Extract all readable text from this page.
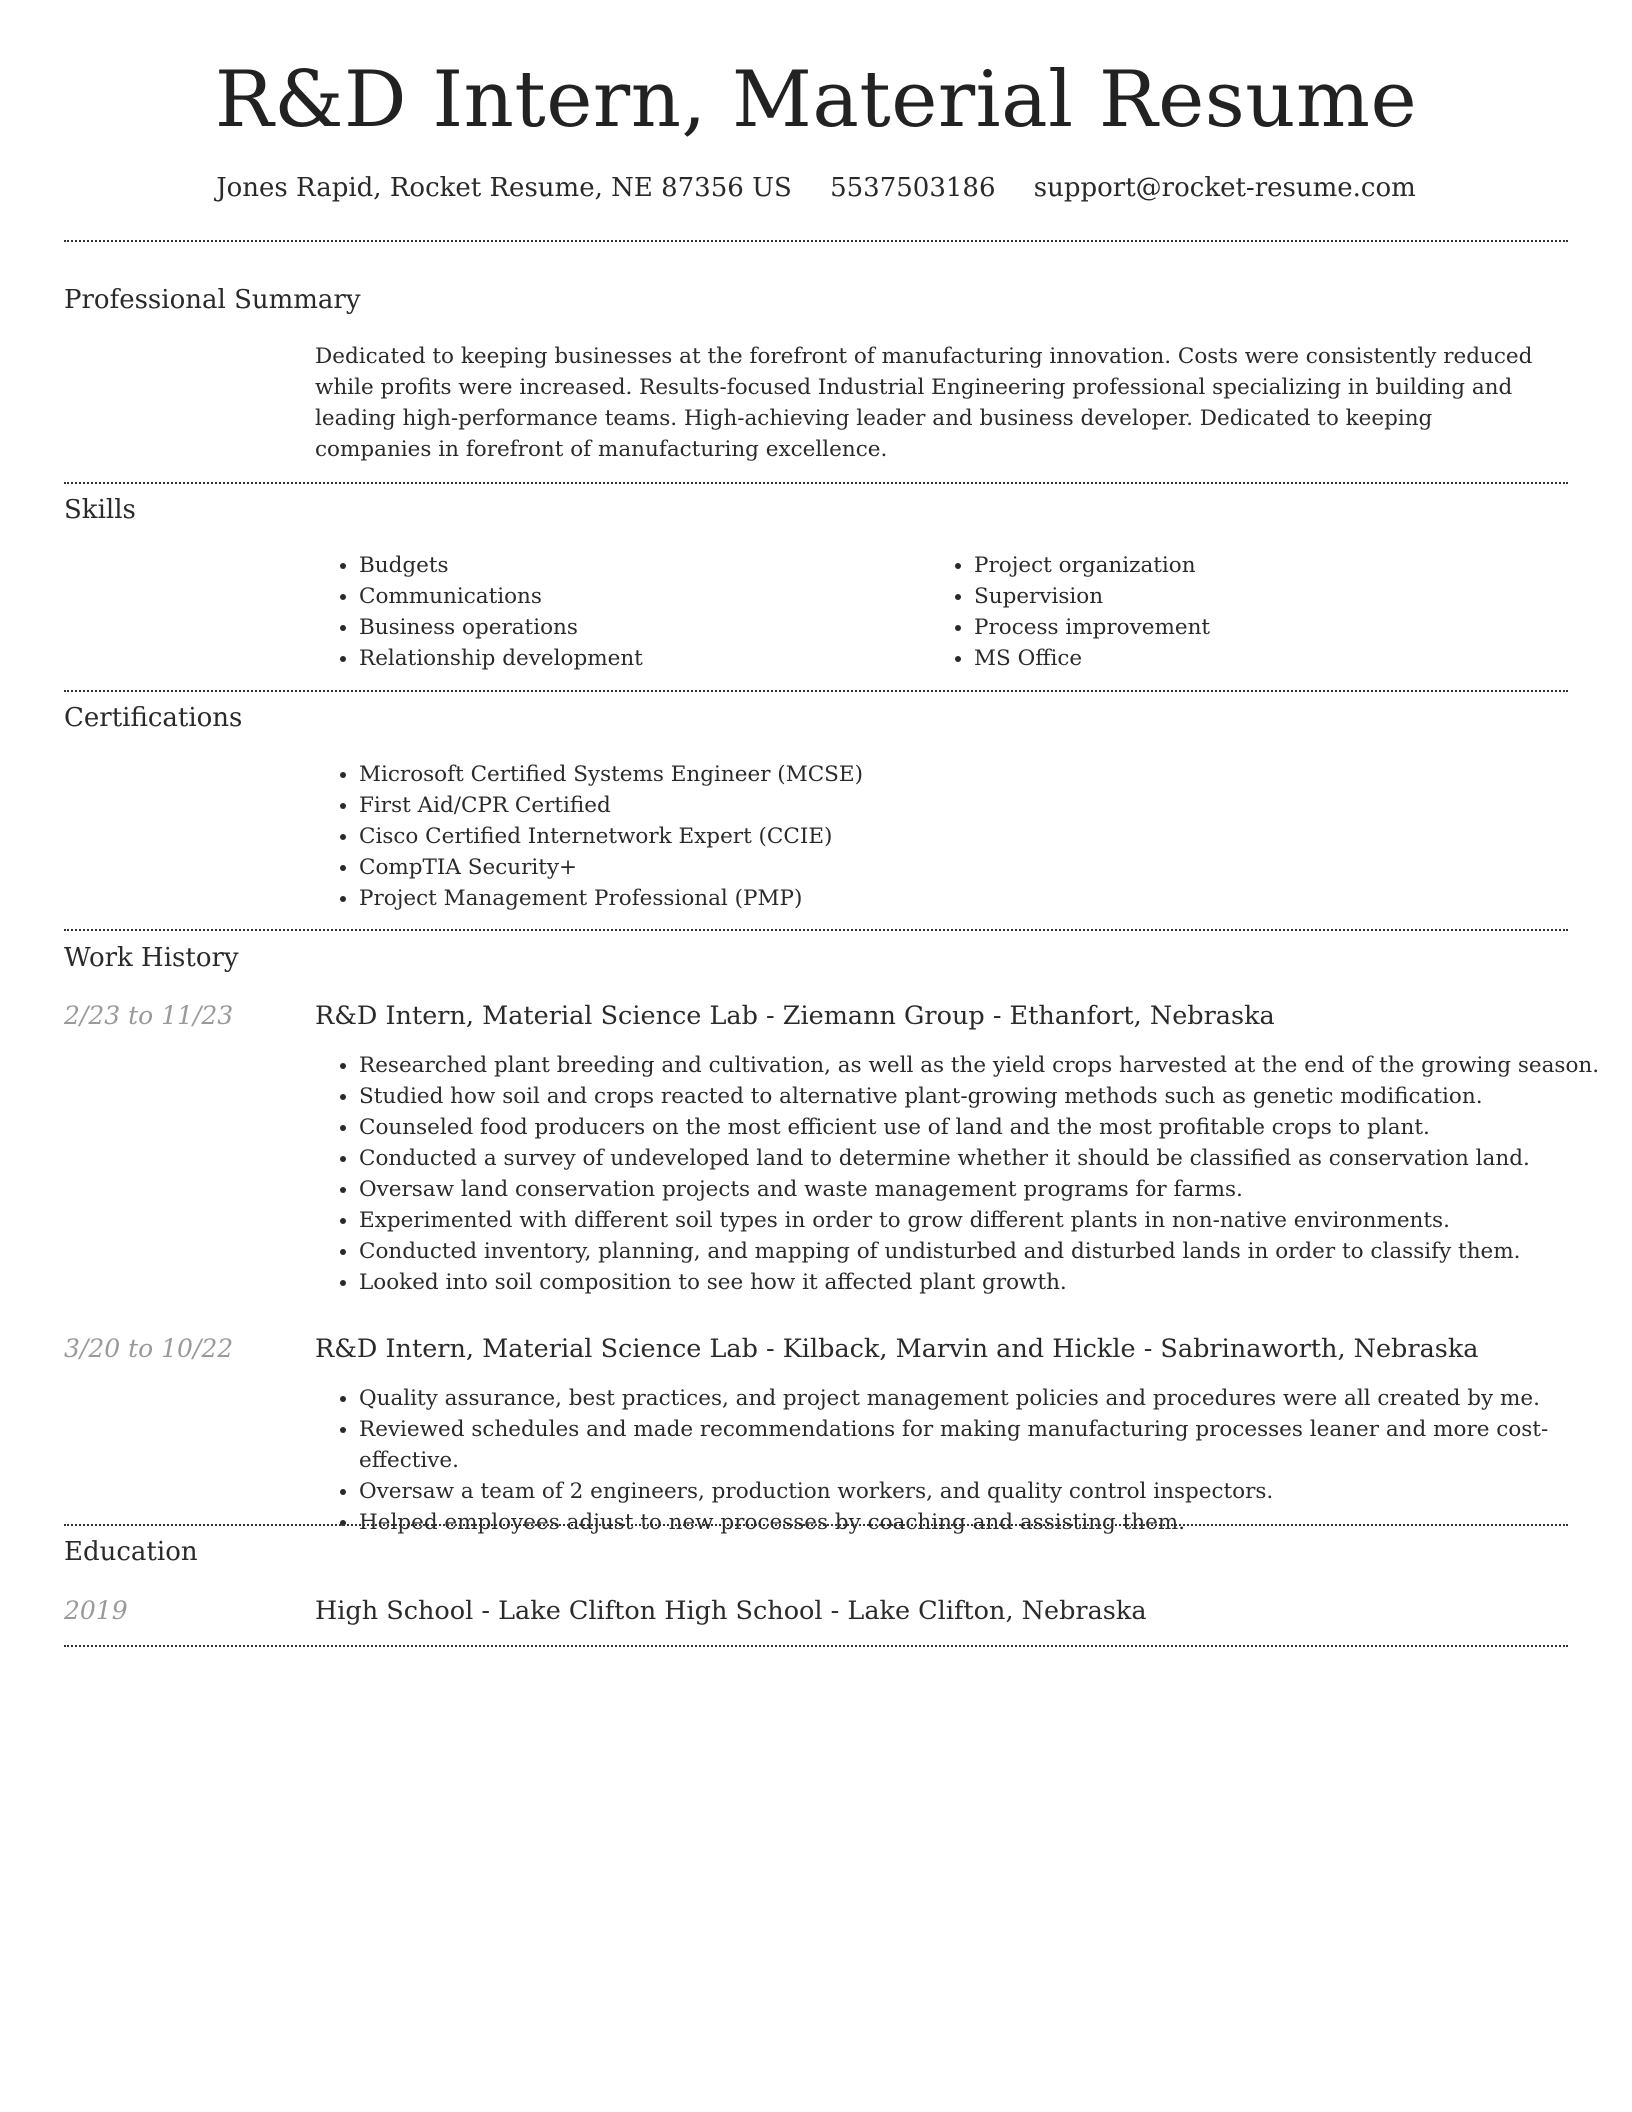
R&D Intern, Material Resume
Jones Rapid, Rocket Resume, NE 87356 US 5537503186 support@rocket-resume.com
Professional Summary
Dedicated to keeping businesses at the forefront of manufacturing innovation. Costs were consistently reduced while profits were increased. Results-focused Industrial Engineering professional specializing in building and leading high-performance teams. High-achieving leader and business developer. Dedicated to keeping companies in forefront of manufacturing excellence.
Skills
• Budgets
• Communications
• Business operations
• Relationship development
• Project organization
• Supervision
• Process improvement
• MS Office
Certifications
• Microsoft Certified Systems Engineer (MCSE)
• First Aid/CPR Certified
• Cisco Certified Internetwork Expert (CCIE)
• CompTIA Security+
• Project Management Professional (PMP)
Work History
2/23 to 11/23	R&D Intern, Material Science Lab - Ziemann Group - Ethanfort, Nebraska
• Researched plant breeding and cultivation, as well as the yield crops harvested at the end of the growing season.
• Studied how soil and crops reacted to alternative plant-growing methods such as genetic modification.
• Counseled food producers on the most efficient use of land and the most profitable crops to plant.
• Conducted a survey of undeveloped land to determine whether it should be classified as conservation land.
• Oversaw land conservation projects and waste management programs for farms.
• Experimented with different soil types in order to grow different plants in non-native environments.
• Conducted inventory, planning, and mapping of undisturbed and disturbed lands in order to classify them.
• Looked into soil composition to see how it affected plant growth.
3/20 to 10/22	R&D Intern, Material Science Lab - Kilback, Marvin and Hickle - Sabrinaworth, Nebraska
• Quality assurance, best practices, and project management policies and procedures were all created by me.
• Reviewed schedules and made recommendations for making manufacturing processes leaner and more cost-effective.
• Oversaw a team of 2 engineers, production workers, and quality control inspectors.
• Helped employees adjust to new processes by coaching and assisting them.
Education
2019	High School - Lake Clifton High School - Lake Clifton, Nebraska
